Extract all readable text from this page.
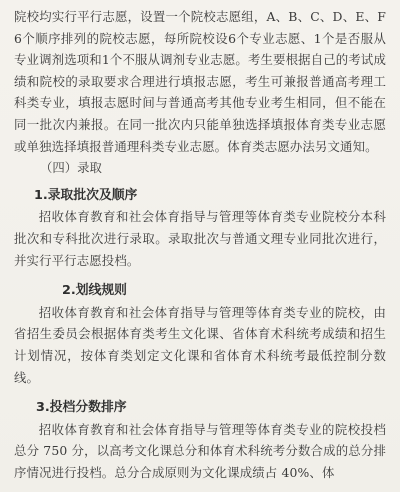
院校均实行平行志愿，设置一个院校志愿组，A、B、C、D、E、F 6个顺序排列的院校志愿，每所院校设6个专业志愿、1个是否服从专业调剂选项和1个不服从调剂专业志愿。考生要根据自己的考试成绩和院校的录取要求合理进行填报志愿，考生可兼报普通高考理工科类专业，填报志愿时间与普通高考其他专业考生相同，但不能在同一批次内兼报。在同一批次内只能单独选择填报体育类专业志愿或单独选择填报普通理科类专业志愿。体育类志愿办法另文通知。

（四）录取

1.录取批次及顺序

招收体育教育和社会体育指导与管理等体育类专业院校分本科批次和专科批次进行录取。录取批次与普通文理专业同批次进行，并实行平行志愿投档。

2.划线规则

招收体育教育和社会体育指导与管理等体育类专业的院校，由省招生委员会根据体育类考生文化课、省体育术科统考成绩和招生计划情况，按体育类划定文化课和省体育术科统考最低控制分数线。

3.投档分数排序

招收体育教育和社会体育指导与管理等体育类专业的院校投档总分 750 分，以高考文化课总分和体育术科统考分数合成的总分排序情况进行投档。总分合成原则为文化课成绩占 40%、体
